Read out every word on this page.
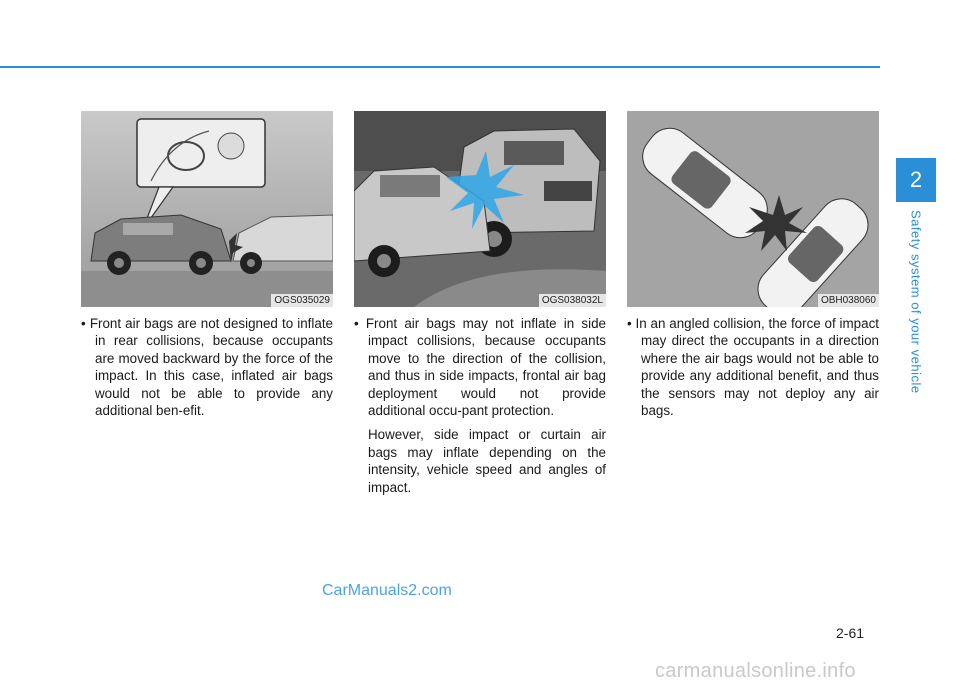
2
Safety system of your vehicle
OGS035029	OGS038032L	OBH038060

• Front air bags are not designed to inflate in rear collisions, because occupants are moved backward by the force of the impact. In this case, inflated air bags would not be able to provide any additional ben-efit.

• Front air bags may not inflate in side impact collisions, because occupants move to the direction of the collision, and thus in side impacts, frontal air bag deployment would not provide additional occu-pant protection.

However, side impact or curtain air bags may inflate depending on the intensity, vehicle speed and angles of impact.

• In an angled collision, the force of impact may direct the occupants in a direction where the air bags would not be able to provide any additional benefit, and thus the sensors may not deploy any air bags.

CarManuals2.com
2-61
carmanualsonline.info
